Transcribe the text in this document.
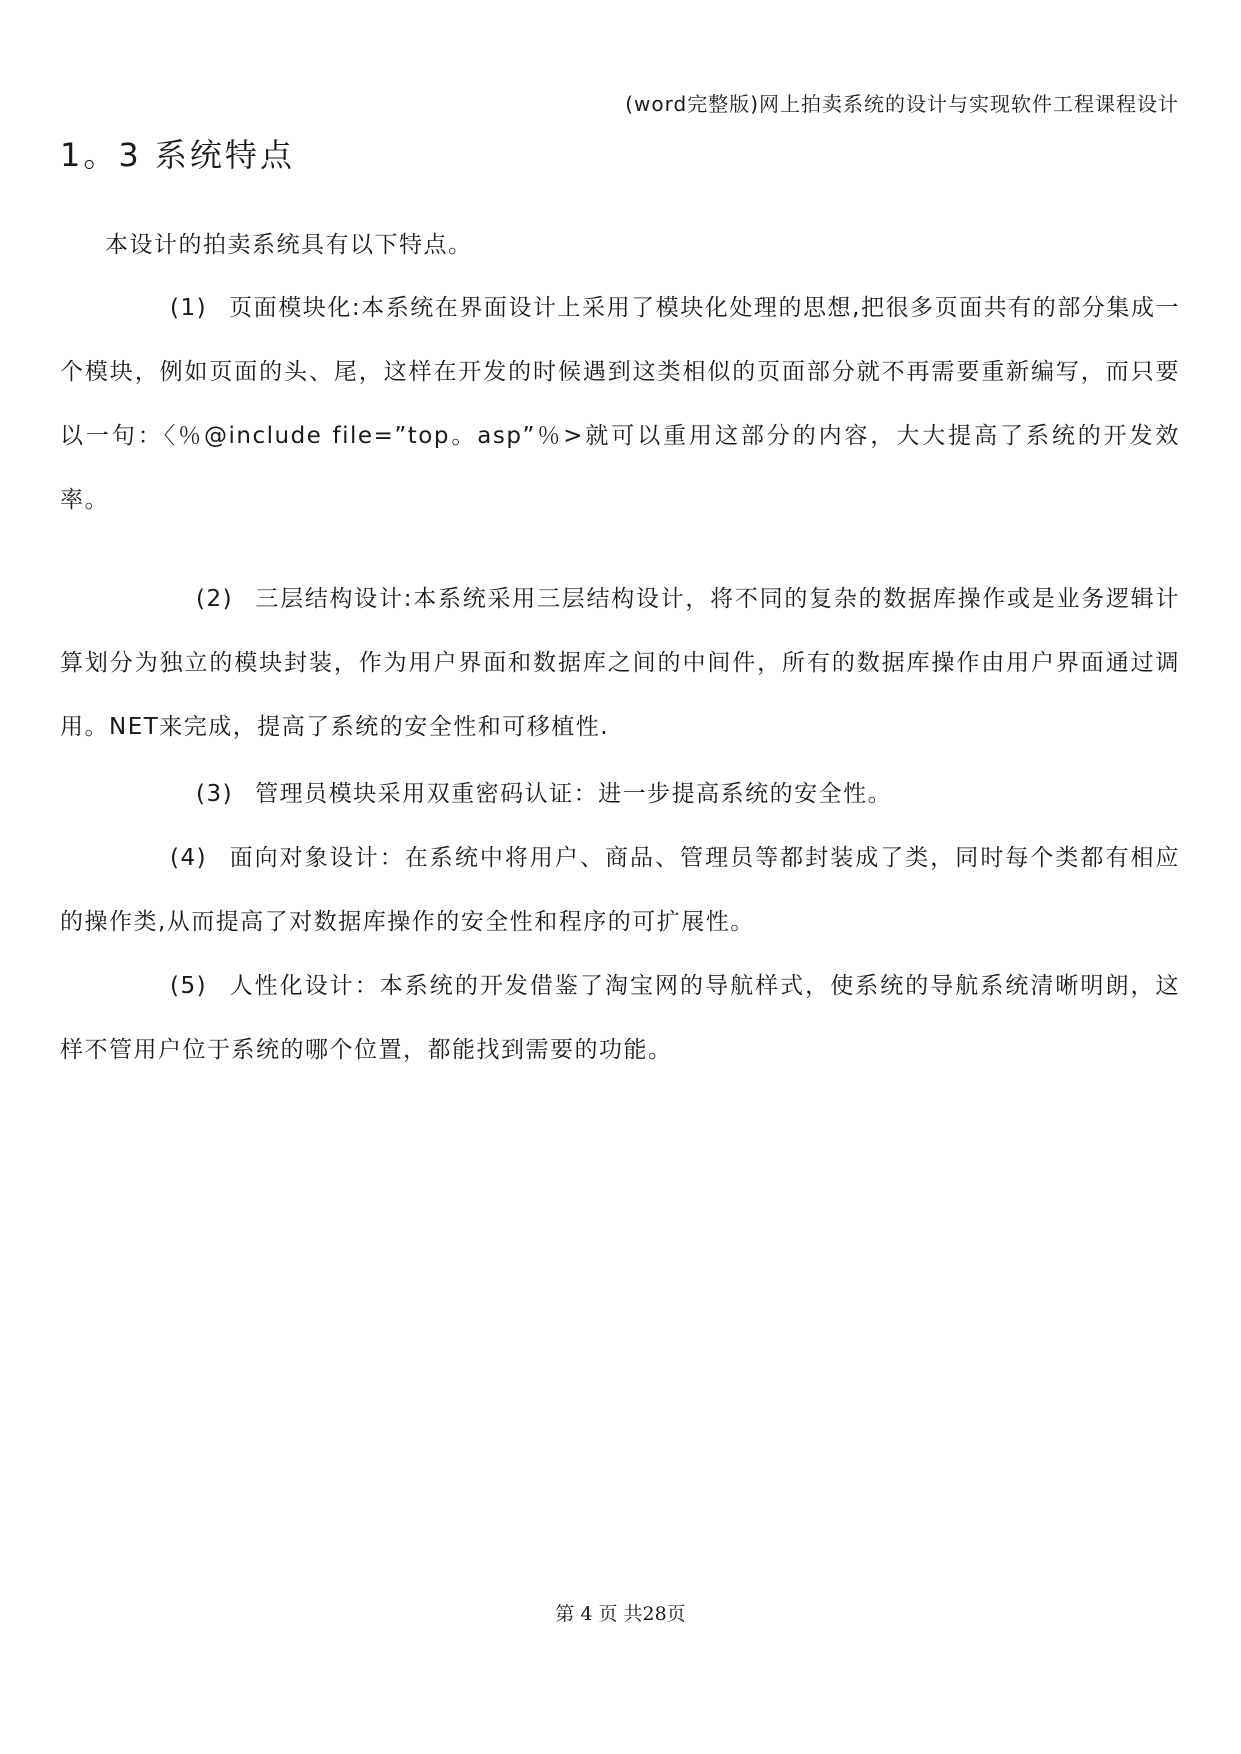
(word完整版)网上拍卖系统的设计与实现软件工程课程设计
1。3 系统特点
本设计的拍卖系统具有以下特点。
(1) 页面模块化:本系统在界面设计上采用了模块化处理的思想,把很多页面共有的部分集成一个模块，例如页面的头、尾，这样在开发的时候遇到这类相似的页面部分就不再需要重新编写，而只要以一句：〈％@include file=”top。asp”％>就可以重用这部分的内容，大大提高了系统的开发效率。
(2) 三层结构设计:本系统采用三层结构设计，将不同的复杂的数据库操作或是业务逻辑计算划分为独立的模块封装，作为用户界面和数据库之间的中间件，所有的数据库操作由用户界面通过调用。NET来完成，提高了系统的安全性和可移植性.
(3) 管理员模块采用双重密码认证：进一步提高系统的安全性。
(4) 面向对象设计：在系统中将用户、商品、管理员等都封装成了类，同时每个类都有相应的操作类,从而提高了对数据库操作的安全性和程序的可扩展性。
(5) 人性化设计：本系统的开发借鉴了淘宝网的导航样式，使系统的导航系统清晰明朗，这样不管用户位于系统的哪个位置，都能找到需要的功能。
第 4 页 共28页
